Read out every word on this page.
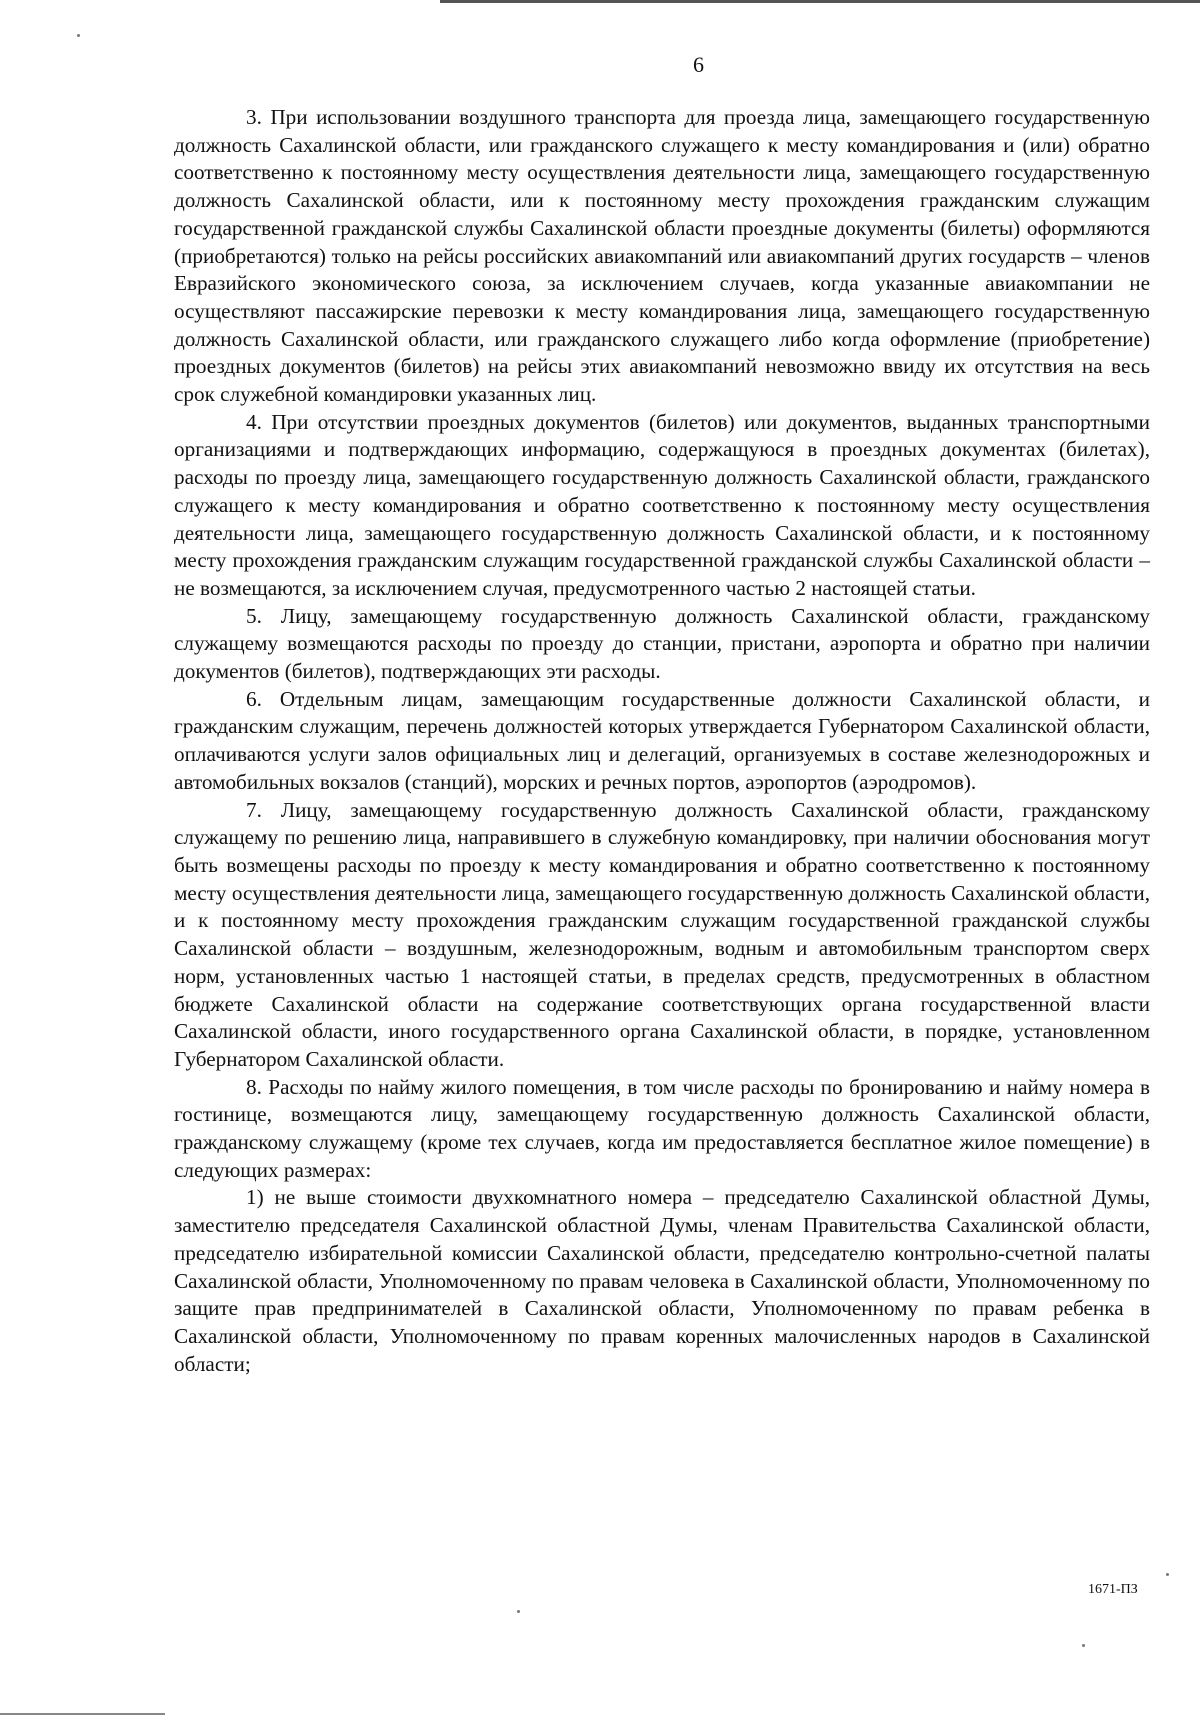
6

3. При использовании воздушного транспорта для проезда лица, замещающего государственную должность Сахалинской области, или гражданского служащего к месту командирования и (или) обратно соответственно к постоянному месту осуществления деятельности лица, замещающего государственную должность Сахалинской области, или к постоянному месту прохождения гражданским служащим государственной гражданской службы Сахалинской области проездные документы (билеты) оформляются (приобретаются) только на рейсы российских авиакомпаний или авиакомпаний других государств – членов Евразийского экономического союза, за исключением случаев, когда указанные авиакомпании не осуществляют пассажирские перевозки к месту командирования лица, замещающего государственную должность Сахалинской области, или гражданского служащего либо когда оформление (приобретение) проездных документов (билетов) на рейсы этих авиакомпаний невозможно ввиду их отсутствия на весь срок служебной командировки указанных лиц.

4. При отсутствии проездных документов (билетов) или документов, выданных транспортными организациями и подтверждающих информацию, содержащуюся в проездных документах (билетах), расходы по проезду лица, замещающего государственную должность Сахалинской области, гражданского служащего к месту командирования и обратно соответственно к постоянному месту осуществления деятельности лица, замещающего государственную должность Сахалинской области, и к постоянному месту прохождения гражданским служащим государственной гражданской службы Сахалинской области – не возмещаются, за исключением случая, предусмотренного частью 2 настоящей статьи.

5. Лицу, замещающему государственную должность Сахалинской области, гражданскому служащему возмещаются расходы по проезду до станции, пристани, аэропорта и обратно при наличии документов (билетов), подтверждающих эти расходы.

6. Отдельным лицам, замещающим государственные должности Сахалинской области, и гражданским служащим, перечень должностей которых утверждается Губернатором Сахалинской области, оплачиваются услуги залов официальных лиц и делегаций, организуемых в составе железнодорожных и автомобильных вокзалов (станций), морских и речных портов, аэропортов (аэродромов).

7. Лицу, замещающему государственную должность Сахалинской области, гражданскому служащему по решению лица, направившего в служебную командировку, при наличии обоснования могут быть возмещены расходы по проезду к месту командирования и обратно соответственно к постоянному месту осуществления деятельности лица, замещающего государственную должность Сахалинской области, и к постоянному месту прохождения гражданским служащим государственной гражданской службы Сахалинской области – воздушным, железнодорожным, водным и автомобильным транспортом сверх норм, установленных частью 1 настоящей статьи, в пределах средств, предусмотренных в областном бюджете Сахалинской области на содержание соответствующих органа государственной власти Сахалинской области, иного государственного органа Сахалинской области, в порядке, установленном Губернатором Сахалинской области.

8. Расходы по найму жилого помещения, в том числе расходы по бронированию и найму номера в гостинице, возмещаются лицу, замещающему государственную должность Сахалинской области, гражданскому служащему (кроме тех случаев, когда им предоставляется бесплатное жилое помещение) в следующих размерах:

1) не выше стоимости двухкомнатного номера – председателю Сахалинской областной Думы, заместителю председателя Сахалинской областной Думы, членам Правительства Сахалинской области, председателю избирательной комиссии Сахалинской области, председателю контрольно-счетной палаты Сахалинской области, Уполномоченному по правам человека в Сахалинской области, Уполномоченному по защите прав предпринимателей в Сахалинской области, Уполномоченному по правам ребенка в Сахалинской области, Уполномоченному по правам коренных малочисленных народов в Сахалинской области;

1671-ПЗ
